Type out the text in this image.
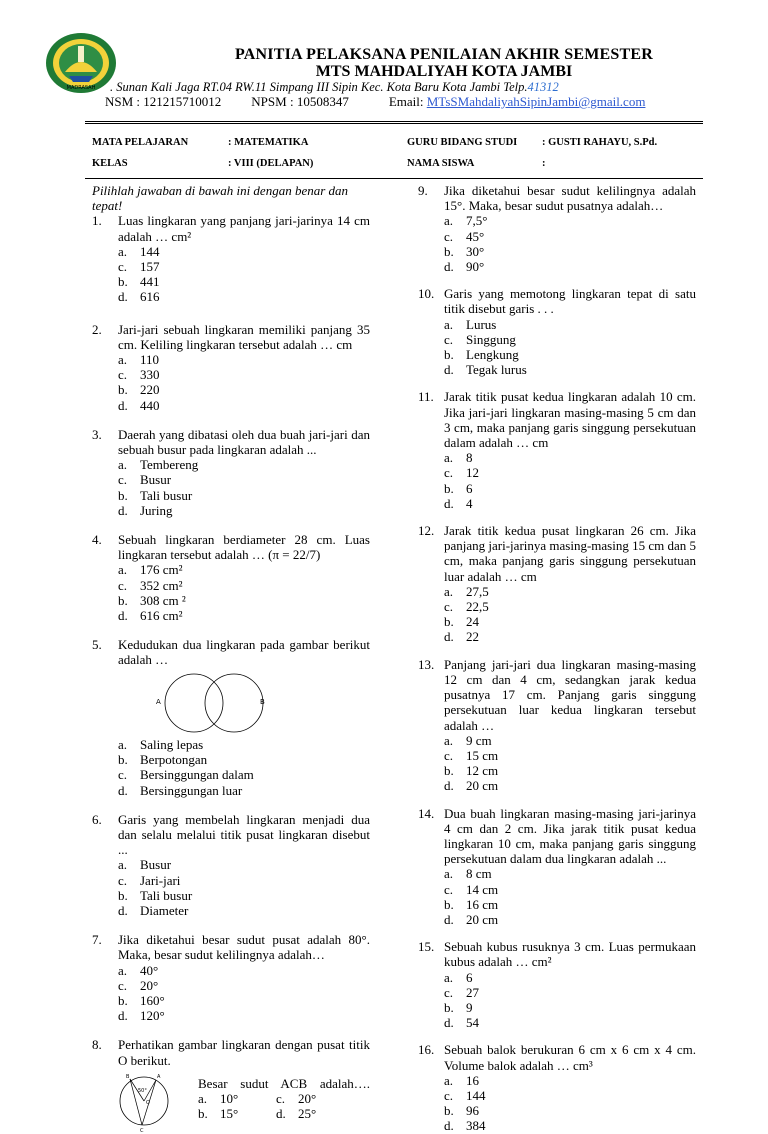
MADRASAH
PANITIA PELAKSANA PENILAIAN AKHIR SEMESTER
MTS MAHDALIYAH KOTA JAMBI
. Sunan Kali Jaga RT.04 RW.11 Simpang III Sipin Kec. Kota Baru Kota Jambi Telp.41312
NSM : 121215710012 NPSM : 10508347	Email: MTsSMahdaliyahSipinJambi@gmail.com
MATA PELAJARAN	: MATEMATIKA	GURU BIDANG STUDI : GUSTI RAHAYU, S.Pd.
KELAS	: VIII (DELAPAN)	NAMA SISWA	:
Pilihlah jawaban di bawah ini dengan benar dan tepat!
1. Luas lingkaran yang panjang jari-jarinya 14 cm adalah … cm²
a. 144
c. 157
b. 441
d. 616
2. Jari-jari sebuah lingkaran memiliki panjang 35 cm. Keliling lingkaran tersebut adalah … cm
a. 110
c. 330
b. 220
d. 440
3. Daerah yang dibatasi oleh dua buah jari-jari dan sebuah busur pada lingkaran adalah ...
a. Tembereng
c. Busur
b. Tali busur
d. Juring
4. Sebuah lingkaran berdiameter 28 cm. Luas lingkaran tersebut adalah … (π = 22/7)
a. 176 cm²
c. 352 cm²
b. 308 cm ²
d. 616 cm²
5. Kedudukan dua lingkaran pada gambar berikut adalah …
A	B
a. Saling lepas
b. Berpotongan
c. Bersinggungan dalam
d. Bersinggungan luar
6. Garis yang membelah lingkaran menjadi dua dan selalu melalui titik pusat lingkaran disebut ...
a. Busur
c. Jari-jari
b. Tali busur
d. Diameter
7. Jika diketahui besar sudut pusat adalah 80°. Maka, besar sudut kelilingnya adalah…
a. 40°
c. 20°
b. 160°
d. 120°
8. Perhatikan gambar lingkaran dengan pusat titik O berikut.
B	A
50°
O
C
Besar sudut ACB adalah….
a. 10°	c. 20°
b. 15°	d. 25°
9. Jika diketahui besar sudut kelilingnya adalah 15°. Maka, besar sudut pusatnya adalah…
a. 7,5°
c. 45°
b. 30°
d. 90°
10. Garis yang memotong lingkaran tepat di satu titik disebut garis . . .
a. Lurus
c. Singgung
b. Lengkung
d. Tegak lurus
11. Jarak titik pusat kedua lingkaran adalah 10 cm. Jika jari-jari lingkaran masing-masing 5 cm dan 3 cm, maka panjang garis singgung persekutuan dalam adalah … cm
a. 8
c. 12
b. 6
d. 4
12. Jarak titik kedua pusat lingkaran 26 cm. Jika panjang jari-jarinya masing-masing 15 cm dan 5 cm, maka panjang garis singgung persekutuan luar adalah … cm
a. 27,5
c. 22,5
b. 24
d. 22
13. Panjang jari-jari dua lingkaran masing-masing 12 cm dan 4 cm, sedangkan jarak kedua pusatnya 17 cm. Panjang garis singgung persekutuan luar kedua lingkaran tersebut adalah …
a. 9 cm
c. 15 cm
b. 12 cm
d. 20 cm
14. Dua buah lingkaran masing-masing jari-jarinya 4 cm dan 2 cm. Jika jarak titik pusat kedua lingkaran 10 cm, maka panjang garis singgung persekutuan dalam dua lingkaran adalah ...
a. 8 cm
c. 14 cm
b. 16 cm
d. 20 cm
15. Sebuah kubus rusuknya 3 cm. Luas permukaan kubus adalah … cm²
a. 6
c. 27
b. 9
d. 54
16. Sebuah balok berukuran 6 cm x 6 cm x 4 cm. Volume balok adalah … cm³
a. 16
c. 144
b. 96
d. 384
